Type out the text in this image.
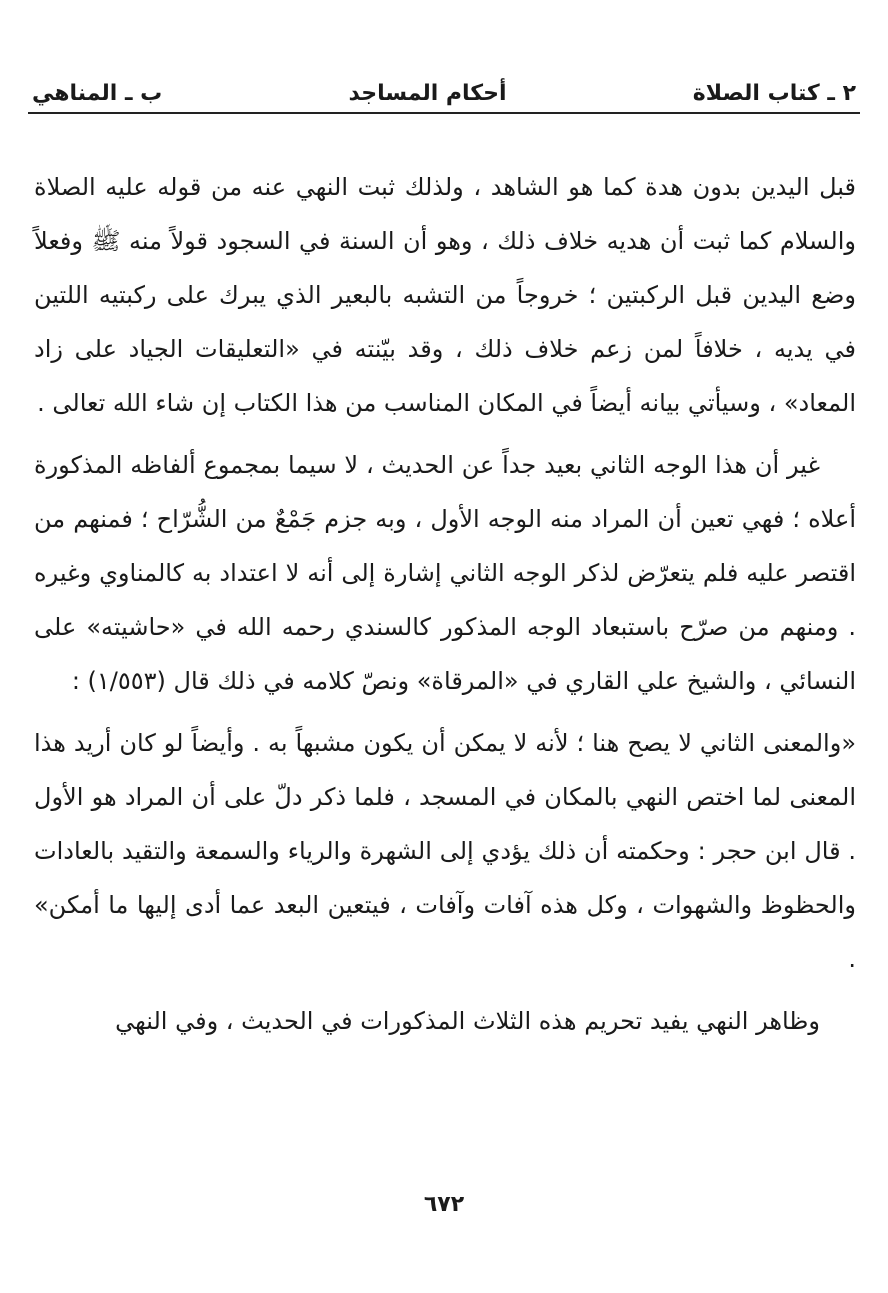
٢ ـ كتاب الصلاة
أحكام المساجد
ب ـ المناهي

قبل اليدين بدون هدة كما هو الشاهد ، ولذلك ثبت النهي عنه من قوله عليه الصلاة والسلام كما ثبت أن هديه خلاف ذلك ، وهو أن السنة في السجود قولاً منه ﷺ وفعلاً وضع اليدين قبل الركبتين ؛ خروجاً من التشبه بالبعير الذي يبرك على ركبتيه اللتين في يديه ، خلافاً لمن زعم خلاف ذلك ، وقد بيّنته في «التعليقات الجياد على زاد المعاد» ، وسيأتي بيانه أيضاً في المكان المناسب من هذا الكتاب إن شاء الله تعالى .

غير أن هذا الوجه الثاني بعيد جداً عن الحديث ، لا سيما بمجموع ألفاظه المذكورة أعلاه ؛ فهي تعين أن المراد منه الوجه الأول ، وبه جزم جَمْعٌ من الشُّرّاح ؛ فمنهم من اقتصر عليه فلم يتعرّض لذكر الوجه الثاني إشارة إلى أنه لا اعتداد به كالمناوي وغيره . ومنهم من صرّح باستبعاد الوجه المذكور كالسندي رحمه الله في «حاشيته» على النسائي ، والشيخ علي القاري في «المرقاة» ونصّ كلامه في ذلك قال (١/٥٥٣) :

«والمعنى الثاني لا يصح هنا ؛ لأنه لا يمكن أن يكون مشبهاً به . وأيضاً لو كان أريد هذا المعنى لما اختص النهي بالمكان في المسجد ، فلما ذكر دلّ على أن المراد هو الأول . قال ابن حجر : وحكمته أن ذلك يؤدي إلى الشهرة والرياء والسمعة والتقيد بالعادات والحظوظ والشهوات ، وكل هذه آفات وآفات ، فيتعين البعد عما أدى إليها ما أمكن» .

وظاهر النهي يفيد تحريم هذه الثلاث المذكورات في الحديث ، وفي النهي

٦٧٢
